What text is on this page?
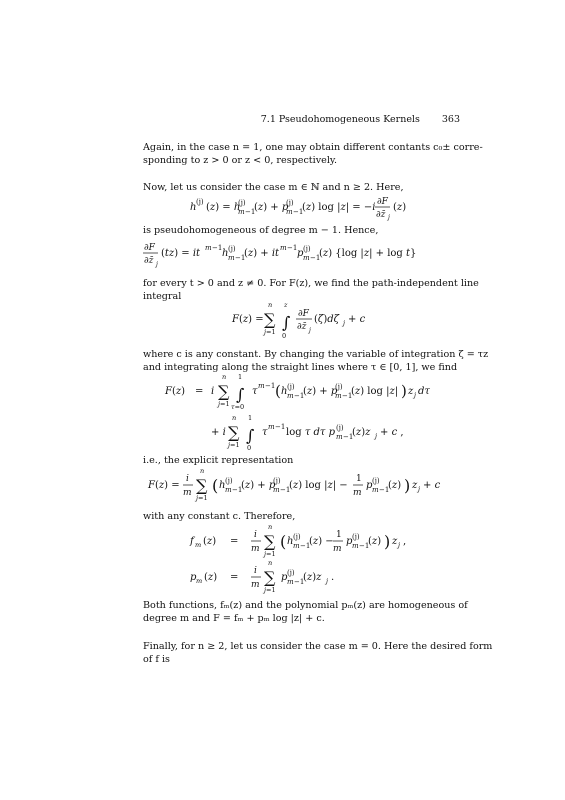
7.1 Pseudohomogeneous Kernels 363
Again, in the case n = 1, one may obtain different contants c₀± corre-
sponding to z > 0 or z < 0, respectively.
Now, let us consider the case m ∈ ℕ and n ≥ 2. Here,
h (j) (z) = h
(j)
m −1
(z) + p
(j)
m −1
(z) log |z| = −i ∂F
∂z̄ j
(z)
is pseudohomogeneous of degree m − 1. Hence,
∂F
∂z̄ j
(tz) = it m −1 h (j)
m −1
(z) + it m −1 p (j)
m −1
(z) {log |z| + log t}
for every t > 0 and z ≠ 0. For F(z), we find the path-independent line
integral
F(z) =
n
∑
j=1
z
∫
0
∂F
∂z̄ j
(ζ)dζ j + c
where c is any constant. By changing the variable of integration ζ = τz
and integrating along the straight lines where τ ∈ [0, 1], we find
F(z) = i
n
∑
j=1
1
∫
τ=0
τ m −1 ( h (j)
m −1
(z) + p
(j)
m −1
(z) log |z| ) z j dτ
+ i
n
∑
j=1
1
∫
0
τ m −1 log τ dτ p (j)
m −1
(z)z j + c ,
i.e., the explicit representation
F(z) =
i
m
n
∑
j=1
( h (j)
m −1
(z) + p
(j)
m −1
(z) log |z| −
1
m
p (j)
m −1
(z) ) z j + c
with any constant c. Therefore,
f m (z) =
i
m
n
∑
j=1
( h (j)
m −1
(z) −
1
m
p (j)
m −1
(z) ) z j ,
p m (z) =
i
m
n
∑
j=1
p (j)
m −1
(z)z j .
Both functions, fₘ(z) and the polynomial pₘ(z) are homogeneous of
degree m and F = fₘ + pₘ log |z| + c.
Finally, for n ≥ 2, let us consider the case m = 0. Here the desired form
of f is
